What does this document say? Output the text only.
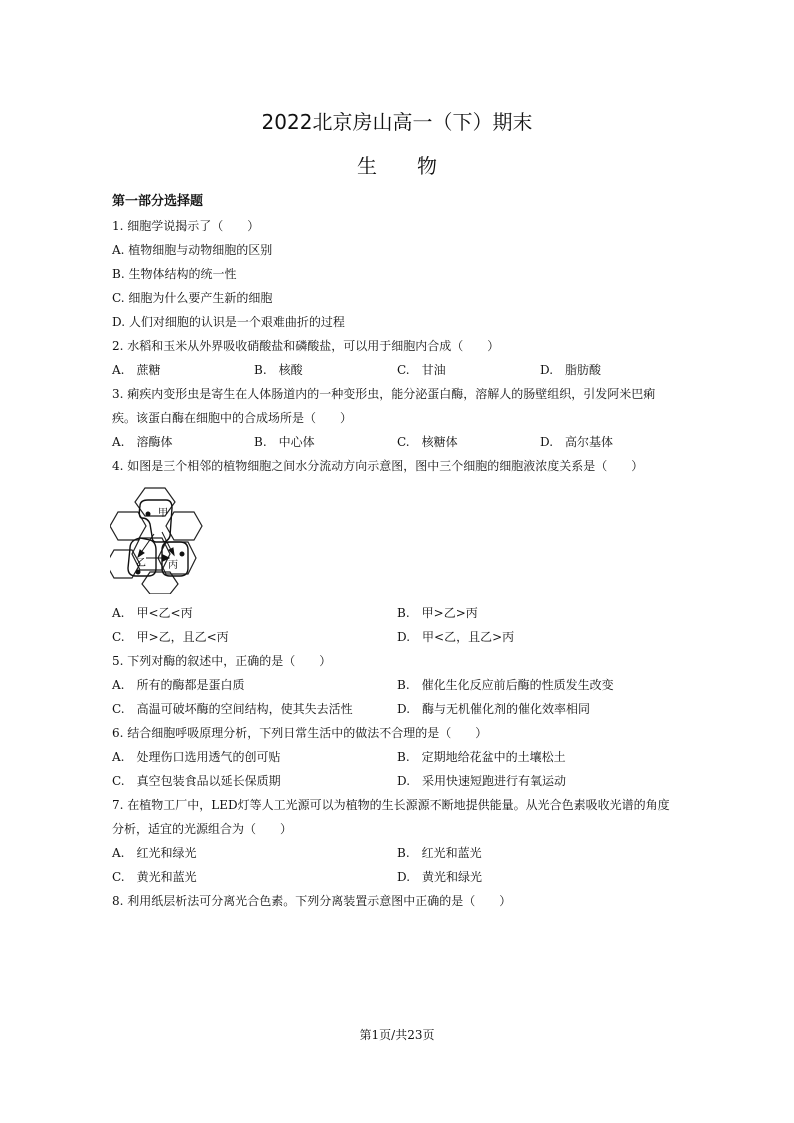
2022北京房山高一（下）期末
生　　物
第一部分选择题
1. 细胞学说揭示了（　　）
A. 植物细胞与动物细胞的区别
B. 生物体结构的统一性
C. 细胞为什么要产生新的细胞
D. 人们对细胞的认识是一个艰难曲折的过程
2. 水稻和玉米从外界吸收硝酸盐和磷酸盐，可以用于细胞内合成（　　）
A.　蔗糖	B.　核酸	C.　甘油	D.　脂肪酸
3. 痢疾内变形虫是寄生在人体肠道内的一种变形虫，能分泌蛋白酶，溶解人的肠壁组织，引发阿米巴痢
疾。该蛋白酶在细胞中的合成场所是（　　）
A.　溶酶体	B.　中心体	C.　核糖体	D.　高尔基体
4. 如图是三个相邻的植物细胞之间水分流动方向示意图，图中三个细胞的细胞液浓度关系是（　　）
甲
乙 丙
A.　甲<乙<丙	B.　甲>乙>丙
C.　甲>乙，且乙<丙	D.　甲<乙，且乙>丙
5. 下列对酶的叙述中，正确的是（　　）
A.　所有的酶都是蛋白质	B.　催化生化反应前后酶的性质发生改变
C.　高温可破坏酶的空间结构，使其失去活性	D.　酶与无机催化剂的催化效率相同
6. 结合细胞呼吸原理分析，下列日常生活中的做法不合理的是（　　）
A.　处理伤口选用透气的创可贴	B.　定期地给花盆中的土壤松土
C.　真空包装食品以延长保质期	D.　采用快速短跑进行有氧运动
7. 在植物工厂中，LED灯等人工光源可以为植物的生长源源不断地提供能量。从光合色素吸收光谱的角度
分析，适宜的光源组合为（　　）
A.　红光和绿光	B.　红光和蓝光
C.　黄光和蓝光	D.　黄光和绿光
8. 利用纸层析法可分离光合色素。下列分离装置示意图中正确的是（　　）
第1页/共23页
